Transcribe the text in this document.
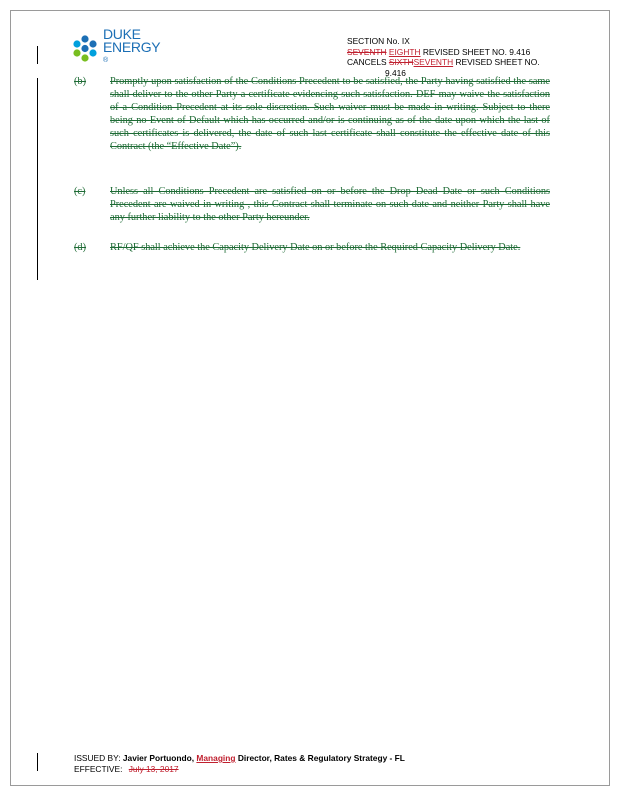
DUKE
ENERGY
®
SECTION No. IX
SEVENTH EIGHTH REVISED SHEET NO. 9.416
CANCELS SIXTHSEVENTH REVISED SHEET NO.
9.416
(b) Promptly upon satisfaction of the Conditions Precedent to be satisfied, the Party having satisfied the same shall deliver to the other Party a certificate evidencing such satisfaction. DEF may waive the satisfaction of a Condition Precedent at its sole discretion. Such waiver must be made in writing. Subject to there being no Event of Default which has occurred and/or is continuing as of the date upon which the last of such certificates is delivered, the date of such last certificate shall constitute the effective date of this Contract (the “Effective Date”).
(c) Unless all Conditions Precedent are satisfied on or before the Drop Dead Date or such Conditions Precedent are waived in writing , this Contract shall terminate on such date and neither Party shall have any further liability to the other Party hereunder.
(d) RF/QF shall achieve the Capacity Delivery Date on or before the Required Capacity Delivery Date.
ISSUED BY: Javier Portuondo, Managing Director, Rates & Regulatory Strategy - FL
EFFECTIVE: July 13, 2017
